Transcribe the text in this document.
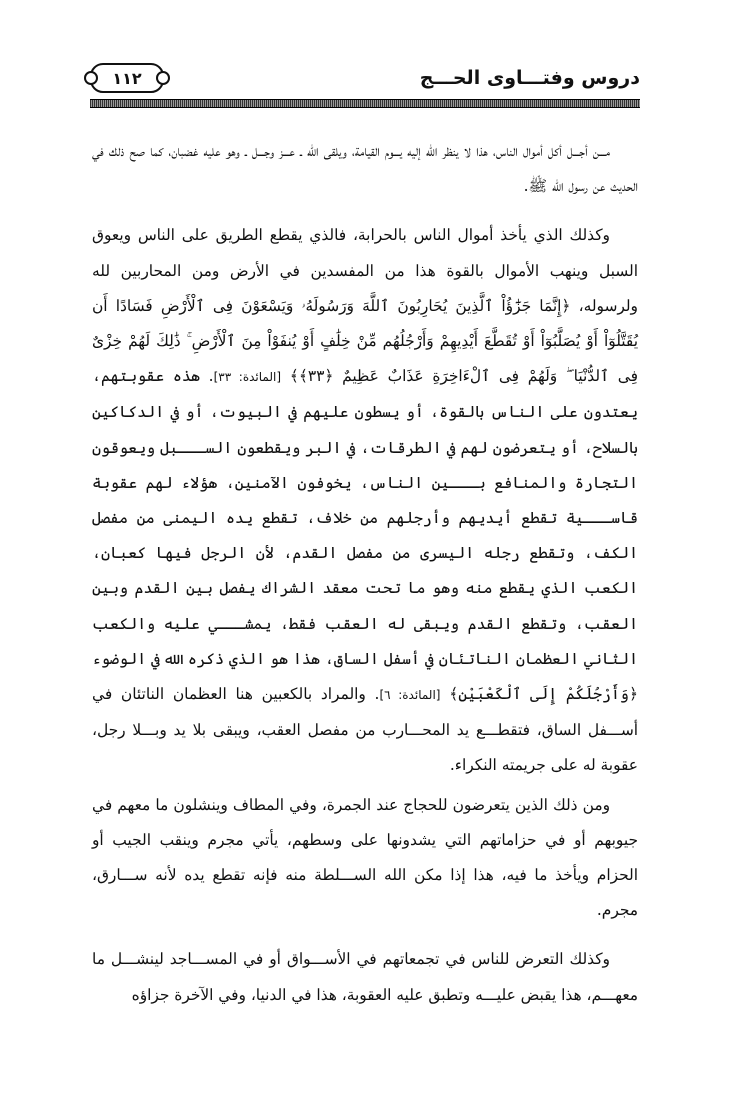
دروس وفتـــاوى الحـــج
١١٢

مـــن أجـــل أكل أموال الناس، هذا لا ينظر الله إليه يـــوم القيامة، ويلقى الله ـ عـــز وجـــل ـ وهو عليه غضبان، كما صح ذلك في الحديث عن رسول الله ﷺ.

وكذلك الذي يأخذ أموال الناس بالحرابة، فالذي يقطع الطريق على الناس ويعوق السبل وينهب الأموال بالقوة هذا من المفسدين في الأرض ومن المحاربين لله ولرسوله، ﴿إِنَّمَا جَزَٰٓؤُاْ ٱلَّذِينَ يُحَارِبُونَ ٱللَّهَ وَرَسُولَهُۥ وَيَسْعَوْنَ فِى ٱلْأَرْضِ فَسَادًا أَن يُقَتَّلُوٓاْ أَوْ يُصَلَّبُوٓاْ أَوْ تُقَطَّعَ أَيْدِيهِمْ وَأَرْجُلُهُم مِّنْ خِلَٰفٍ أَوْ يُنفَوْاْ مِنَ ٱلْأَرْضِ ۚ ذَٰلِكَ لَهُمْ خِزْىٌ فِى ٱلدُّنْيَا ۖ وَلَهُمْ فِى ٱلْءَاخِرَةِ عَذَابٌ عَظِيمٌ ﴿٣٣﴾﴾ [المائدة: ٣٣]. هذه عقوبتهم، يعتدون على الناس بالقوة، أو يسطون عليهم في البيوت، أو في الدكاكين بالسلاح، أو يتعرضون لهم في الطرقات، في البر ويقطعون الســـبل ويعوقون التجارة والمنافع بـــين الناس، يخوفون الآمنين، هؤلاء لهم عقوبة قاســـية تقطع أيديهم وأرجلهم من خلاف، تقطع يده اليمنى من مفصل الكف، وتقطع رجله اليسرى من مفصل القدم، لأن الرجل فيها كعبان، الكعب الذي يقطع منه وهو ما تحت معقد الشراك يفصل بين القدم وبين العقب، وتقطع القدم ويبقى له العقب فقط، يمشـــي عليه والكعب الثاني العظمان الناتئان في أسفل الساق، هذا هو الذي ذكره الله في الوضوء ﴿وَأَرْجُلَكُمْ إِلَى ٱلْكَعْبَيْنِ﴾ [المائدة: ٦]. والمراد بالكعبين هنا العظمان الناتئان في أســـفل الساق، فتقطـــع يد المحـــارب من مفصل العقب، ويبقى بلا يد وبـــلا رجل، عقوبة له على جريمته النكراء.

ومن ذلك الذين يتعرضون للحجاج عند الجمرة، وفي المطاف وينشلون ما معهم في جيوبهم أو في حزاماتهم التي يشدونها على وسطهم، يأتي مجرم وينقب الجيب أو الحزام ويأخذ ما فيه، هذا إذا مكن الله الســـلطة منه فإنه تقطع يده لأنه ســـارق، مجرم.

وكذلك التعرض للناس في تجمعاتهم في الأســـواق أو في المســـاجد لينشـــل ما معهـــم، هذا يقبض عليـــه وتطبق عليه العقوبة، هذا في الدنيا، وفي الآخرة جزاؤه
